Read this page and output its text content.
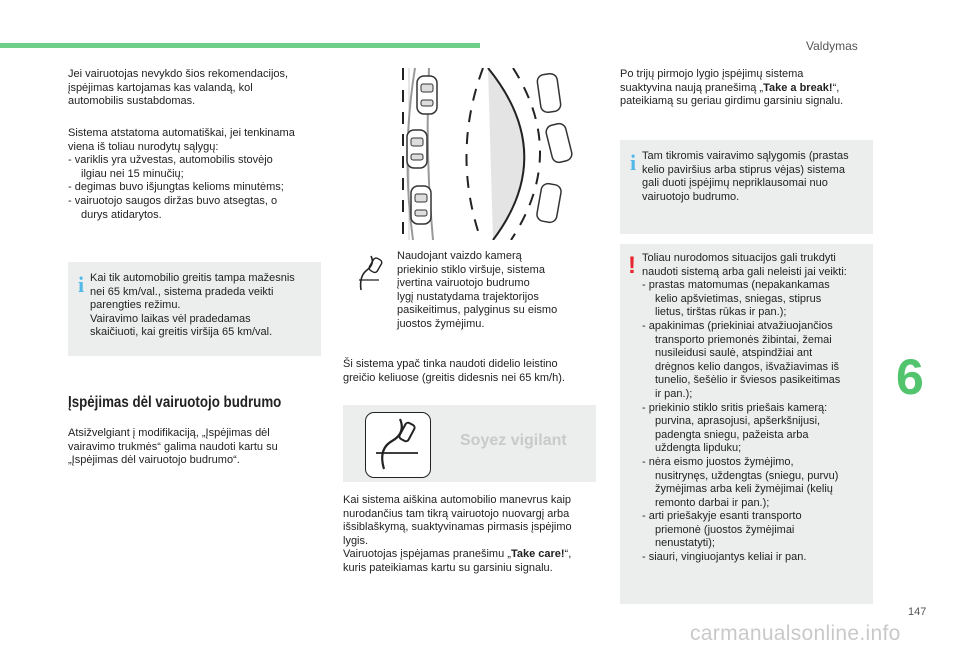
Valdymas
Jei vairuotojas nevykdo šios rekomendacijos,
įspėjimas kartojamas kas valandą, kol
automobilis sustabdomas.
Sistema atstatoma automatiškai, jei tenkinama
viena iš toliau nurodytų sąlygų:
- variklis yra užvestas, automobilis stovėjo
ilgiau nei 15 minučių;
- degimas buvo išjungtas kelioms minutėms;
- vairuotojo saugos diržas buvo atsegtas, o
durys atidarytos.
i Kai tik automobilio greitis tampa mažesnis
nei 65 km/val., sistema pradeda veikti
parengties režimu.
Vairavimo laikas vėl pradedamas
skaičiuoti, kai greitis viršija 65 km/val.
Įspėjimas dėl vairuotojo budrumo
Atsižvelgiant į modifikaciją, „Įspėjimas dėl
vairavimo trukmės“ galima naudoti kartu su
„Įspėjimas dėl vairuotojo budrumo“.
Naudojant vaizdo kamerą
priekinio stiklo viršuje, sistema
įvertina vairuotojo budrumo
lygį nustatydama trajektorijos
pasikeitimus, palyginus su eismo
juostos žymėjimu.
Ši sistema ypač tinka naudoti didelio leistino
greičio keliuose (greitis didesnis nei 65 km/h).
Soyez vigilant
Kai sistema aiškina automobilio manevrus kaip
nurodančius tam tikrą vairuotojo nuovargį arba
išsiblaškymą, suaktyvinamas pirmasis įspėjimo
lygis.
Vairuotojas įspėjamas pranešimu „Take care!“,
kuris pateikiamas kartu su garsiniu signalu.
Po trijų pirmojo lygio įspėjimų sistema
suaktyvina naują pranešimą „Take a break!“,
pateikiamą su geriau girdimu garsiniu signalu.
i Tam tikromis vairavimo sąlygomis (prastas
kelio paviršius arba stiprus vėjas) sistema
gali duoti įspėjimų nepriklausomai nuo
vairuotojo budrumo.
! Toliau nurodomos situacijos gali trukdyti
naudoti sistemą arba gali neleisti jai veikti:
- prastas matomumas (nepakankamas
kelio apšvietimas, sniegas, stiprus
lietus, tirštas rūkas ir pan.);
- apakinimas (priekiniai atvažiuojančios
transporto priemonės žibintai, žemai
nusileidusi saulė, atspindžiai ant
drėgnos kelio dangos, išvažiavimas iš
tunelio, šešėlio ir šviesos pasikeitimas
ir pan.);
- priekinio stiklo sritis priešais kamerą:
purvina, aprasojusi, apšerkšnijusi,
padengta sniegu, pažeista arba
uždengta lipduku;
- nėra eismo juostos žymėjimo,
nusitrynęs, uždengtas (sniegu, purvu)
žymėjimas arba keli žymėjimai (kelių
remonto darbai ir pan.);
- arti priešakyje esanti transporto
priemonė (juostos žymėjimai
nenustatyti);
- siauri, vingiuojantys keliai ir pan.
6
147
carmanualsonline.info
